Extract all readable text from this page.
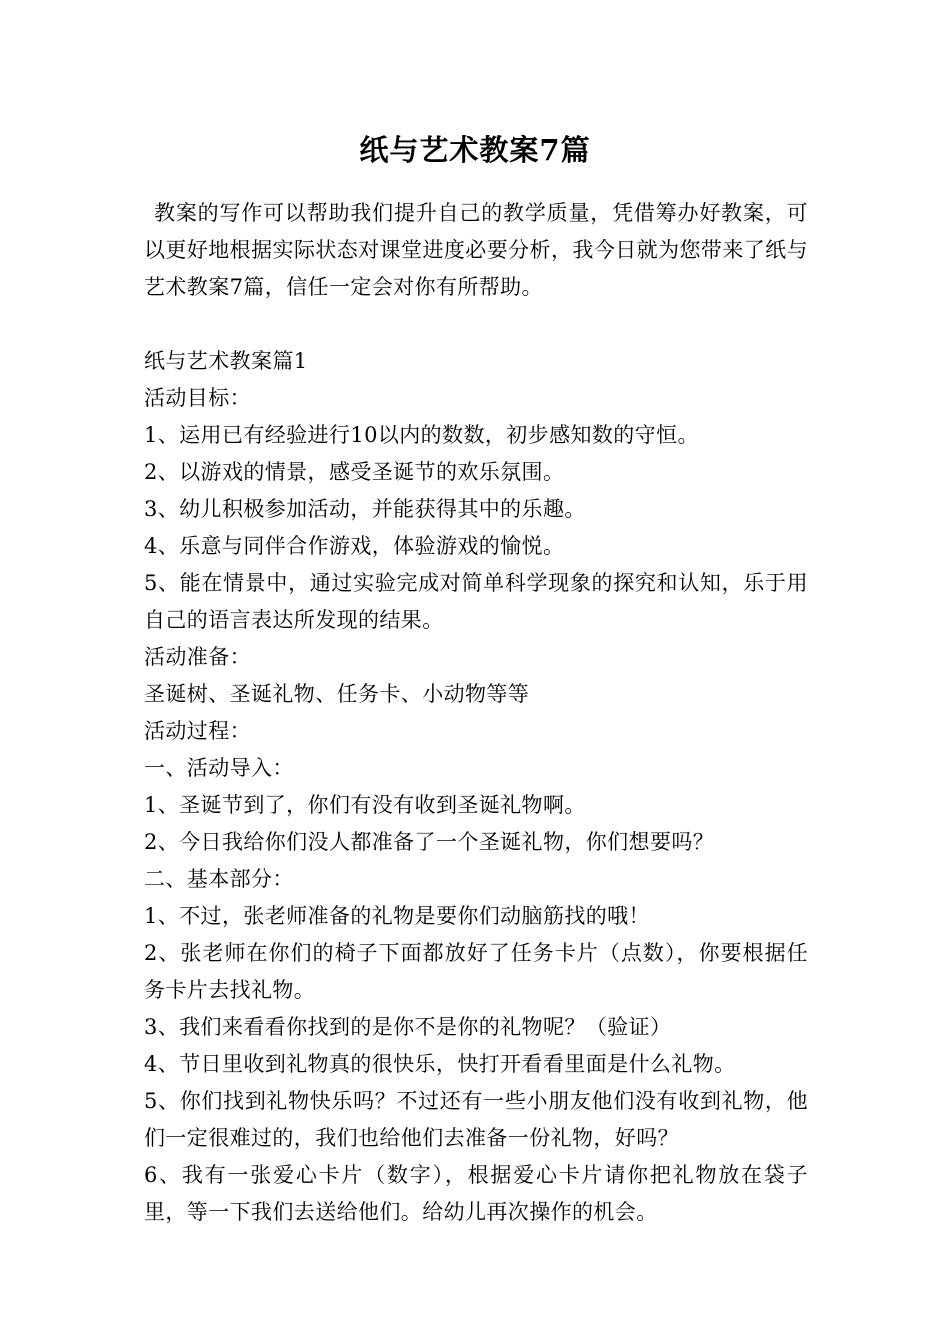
纸与艺术教案7篇
教案的写作可以帮助我们提升自己的教学质量，凭借筹办好教案，可以更好地根据实际状态对课堂进度必要分析，我今日就为您带来了纸与艺术教案7篇，信任一定会对你有所帮助。
纸与艺术教案篇1
活动目标：
1、运用已有经验进行10以内的数数，初步感知数的守恒。
2、以游戏的情景，感受圣诞节的欢乐氛围。
3、幼儿积极参加活动，并能获得其中的乐趣。
4、乐意与同伴合作游戏，体验游戏的愉悦。
5、能在情景中，通过实验完成对简单科学现象的探究和认知，乐于用自己的语言表达所发现的结果。
活动准备：
圣诞树、圣诞礼物、任务卡、小动物等等
活动过程：
一、活动导入：
1、圣诞节到了，你们有没有收到圣诞礼物啊。
2、今日我给你们没人都准备了一个圣诞礼物，你们想要吗？
二、基本部分：
1、不过，张老师准备的礼物是要你们动脑筋找的哦！
2、张老师在你们的椅子下面都放好了任务卡片（点数），你要根据任务卡片去找礼物。
3、我们来看看你找到的是你不是你的礼物呢？（验证）
4、节日里收到礼物真的很快乐，快打开看看里面是什么礼物。
5、你们找到礼物快乐吗？不过还有一些小朋友他们没有收到礼物，他们一定很难过的，我们也给他们去准备一份礼物，好吗？
6、我有一张爱心卡片（数字），根据爱心卡片请你把礼物放在袋子里，等一下我们去送给他们。给幼儿再次操作的机会。
